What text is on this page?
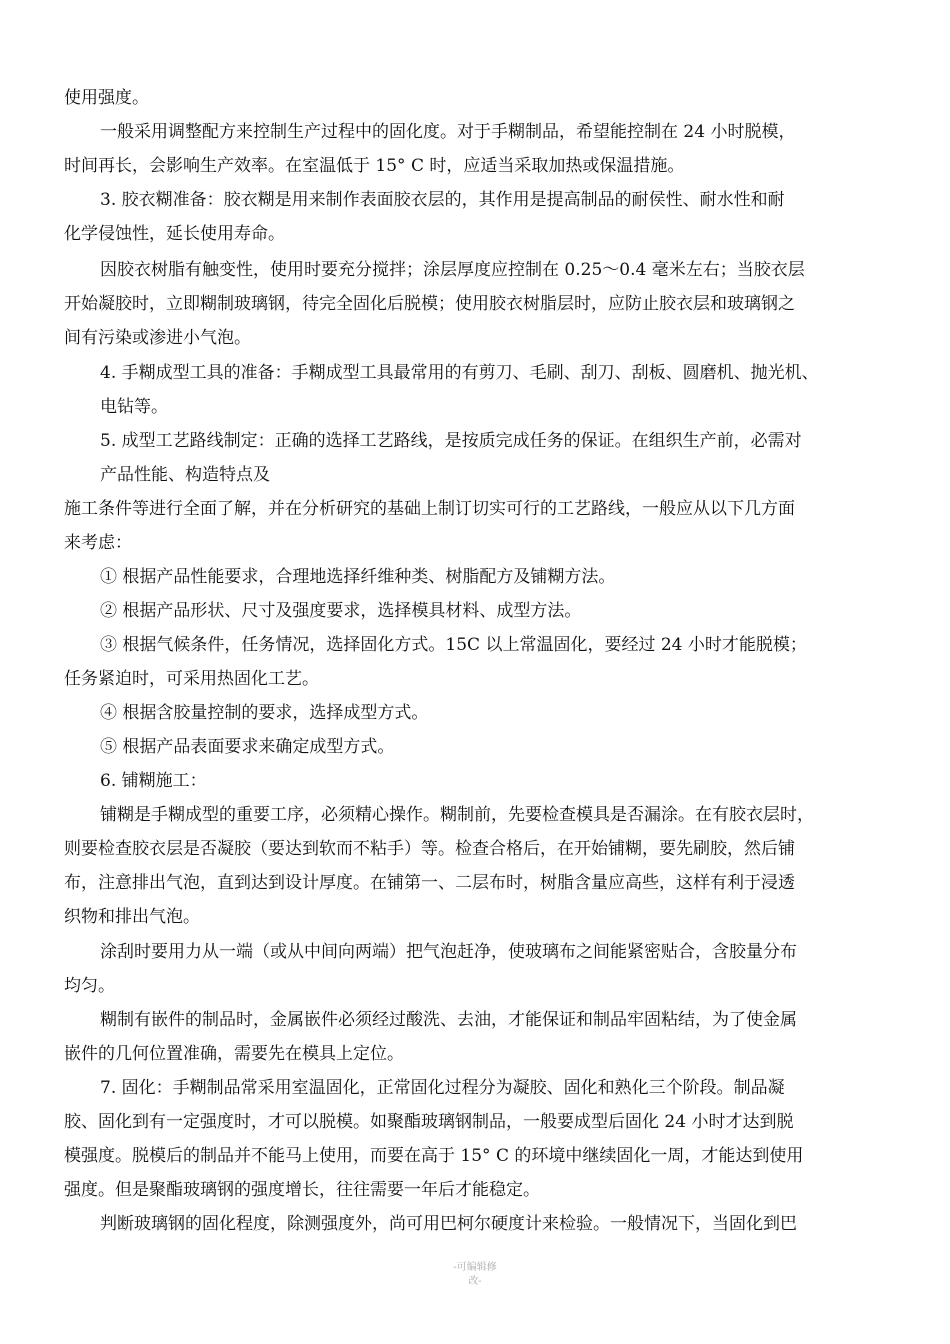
使用强度。
一般采用调整配方来控制生产过程中的固化度。对于手糊制品，希望能控制在 24 小时脱模，
时间再长，会影响生产效率。在室温低于 15° C 时，应适当采取加热或保温措施。
3. 胶衣糊准备：胶衣糊是用来制作表面胶衣层的，其作用是提高制品的耐侯性、耐水性和耐
化学侵蚀性，延长使用寿命。
因胶衣树脂有触变性，使用时要充分搅拌；涂层厚度应控制在 0.25～0.4 毫米左右；当胶衣层
开始凝胶时，立即糊制玻璃钢，待完全固化后脱模；使用胶衣树脂层时，应防止胶衣层和玻璃钢之
间有污染或渗进小气泡。
4. 手糊成型工具的准备：手糊成型工具最常用的有剪刀、毛刷、刮刀、刮板、圆磨机、抛光机、
电钻等。
5. 成型工艺路线制定：正确的选择工艺路线，是按质完成任务的保证。在组织生产前，必需对
产品性能、构造特点及
施工条件等进行全面了解，并在分析研究的基础上制订切实可行的工艺路线，一般应从以下几方面
来考虑：
① 根据产品性能要求，合理地选择纤维种类、树脂配方及铺糊方法。
② 根据产品形状、尺寸及强度要求，选择模具材料、成型方法。
③ 根据气候条件，任务情况，选择固化方式。15C 以上常温固化，要经过 24 小时才能脱模；
任务紧迫时，可采用热固化工艺。
④ 根据含胶量控制的要求，选择成型方式。
⑤ 根据产品表面要求来确定成型方式。
6. 铺糊施工：
铺糊是手糊成型的重要工序，必须精心操作。糊制前，先要检查模具是否漏涂。在有胶衣层时，
则要检查胶衣层是否凝胶（要达到软而不粘手）等。检查合格后，在开始铺糊，要先刷胶，然后铺
布，注意排出气泡，直到达到设计厚度。在铺第一、二层布时，树脂含量应高些，这样有利于浸透
织物和排出气泡。
涂刮时要用力从一端（或从中间向两端）把气泡赶净，使玻璃布之间能紧密贴合，含胶量分布
均匀。
糊制有嵌件的制品时，金属嵌件必须经过酸洗、去油，才能保证和制品牢固粘结，为了使金属
嵌件的几何位置准确，需要先在模具上定位。
7. 固化：手糊制品常采用室温固化，正常固化过程分为凝胶、固化和熟化三个阶段。制品凝
胶、固化到有一定强度时，才可以脱模。如聚酯玻璃钢制品，一般要成型后固化 24 小时才达到脱
模强度。脱模后的制品并不能马上使用，而要在高于 15° C 的环境中继续固化一周，才能达到使用
强度。但是聚酯玻璃钢的强度增长，往往需要一年后才能稳定。
判断玻璃钢的固化程度，除测强度外，尚可用巴柯尔硬度计来检验。一般情况下，当固化到巴
-可编辑修
改-
